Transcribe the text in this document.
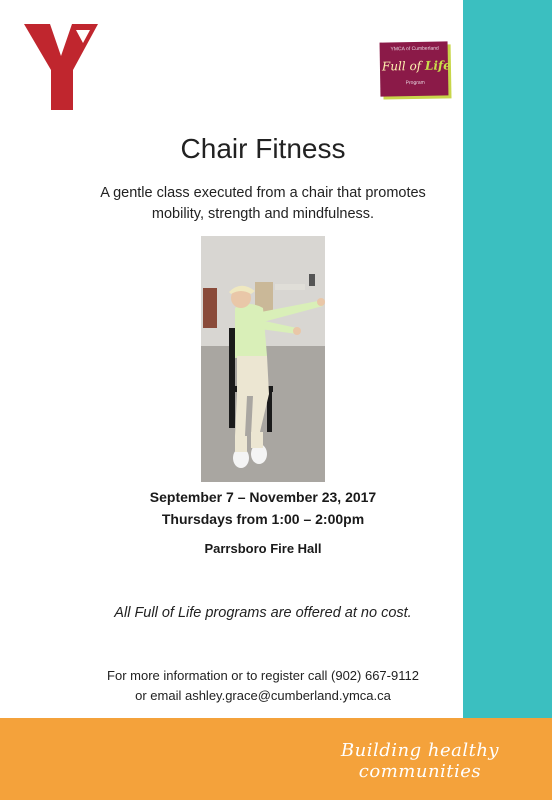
Building healthy communities
YMCA of Cumberland
Full of Life
Program
Chair Fitness
A gentle class executed from a chair that promotes
mobility, strength and mindfulness.
September 7 – November 23, 2017
Thursdays from 1:00 – 2:00pm
Parrsboro Fire Hall
All Full of Life programs are offered at no cost.
For more information or to register call (902) 667-9112
or email ashley.grace@cumberland.ymca.ca
